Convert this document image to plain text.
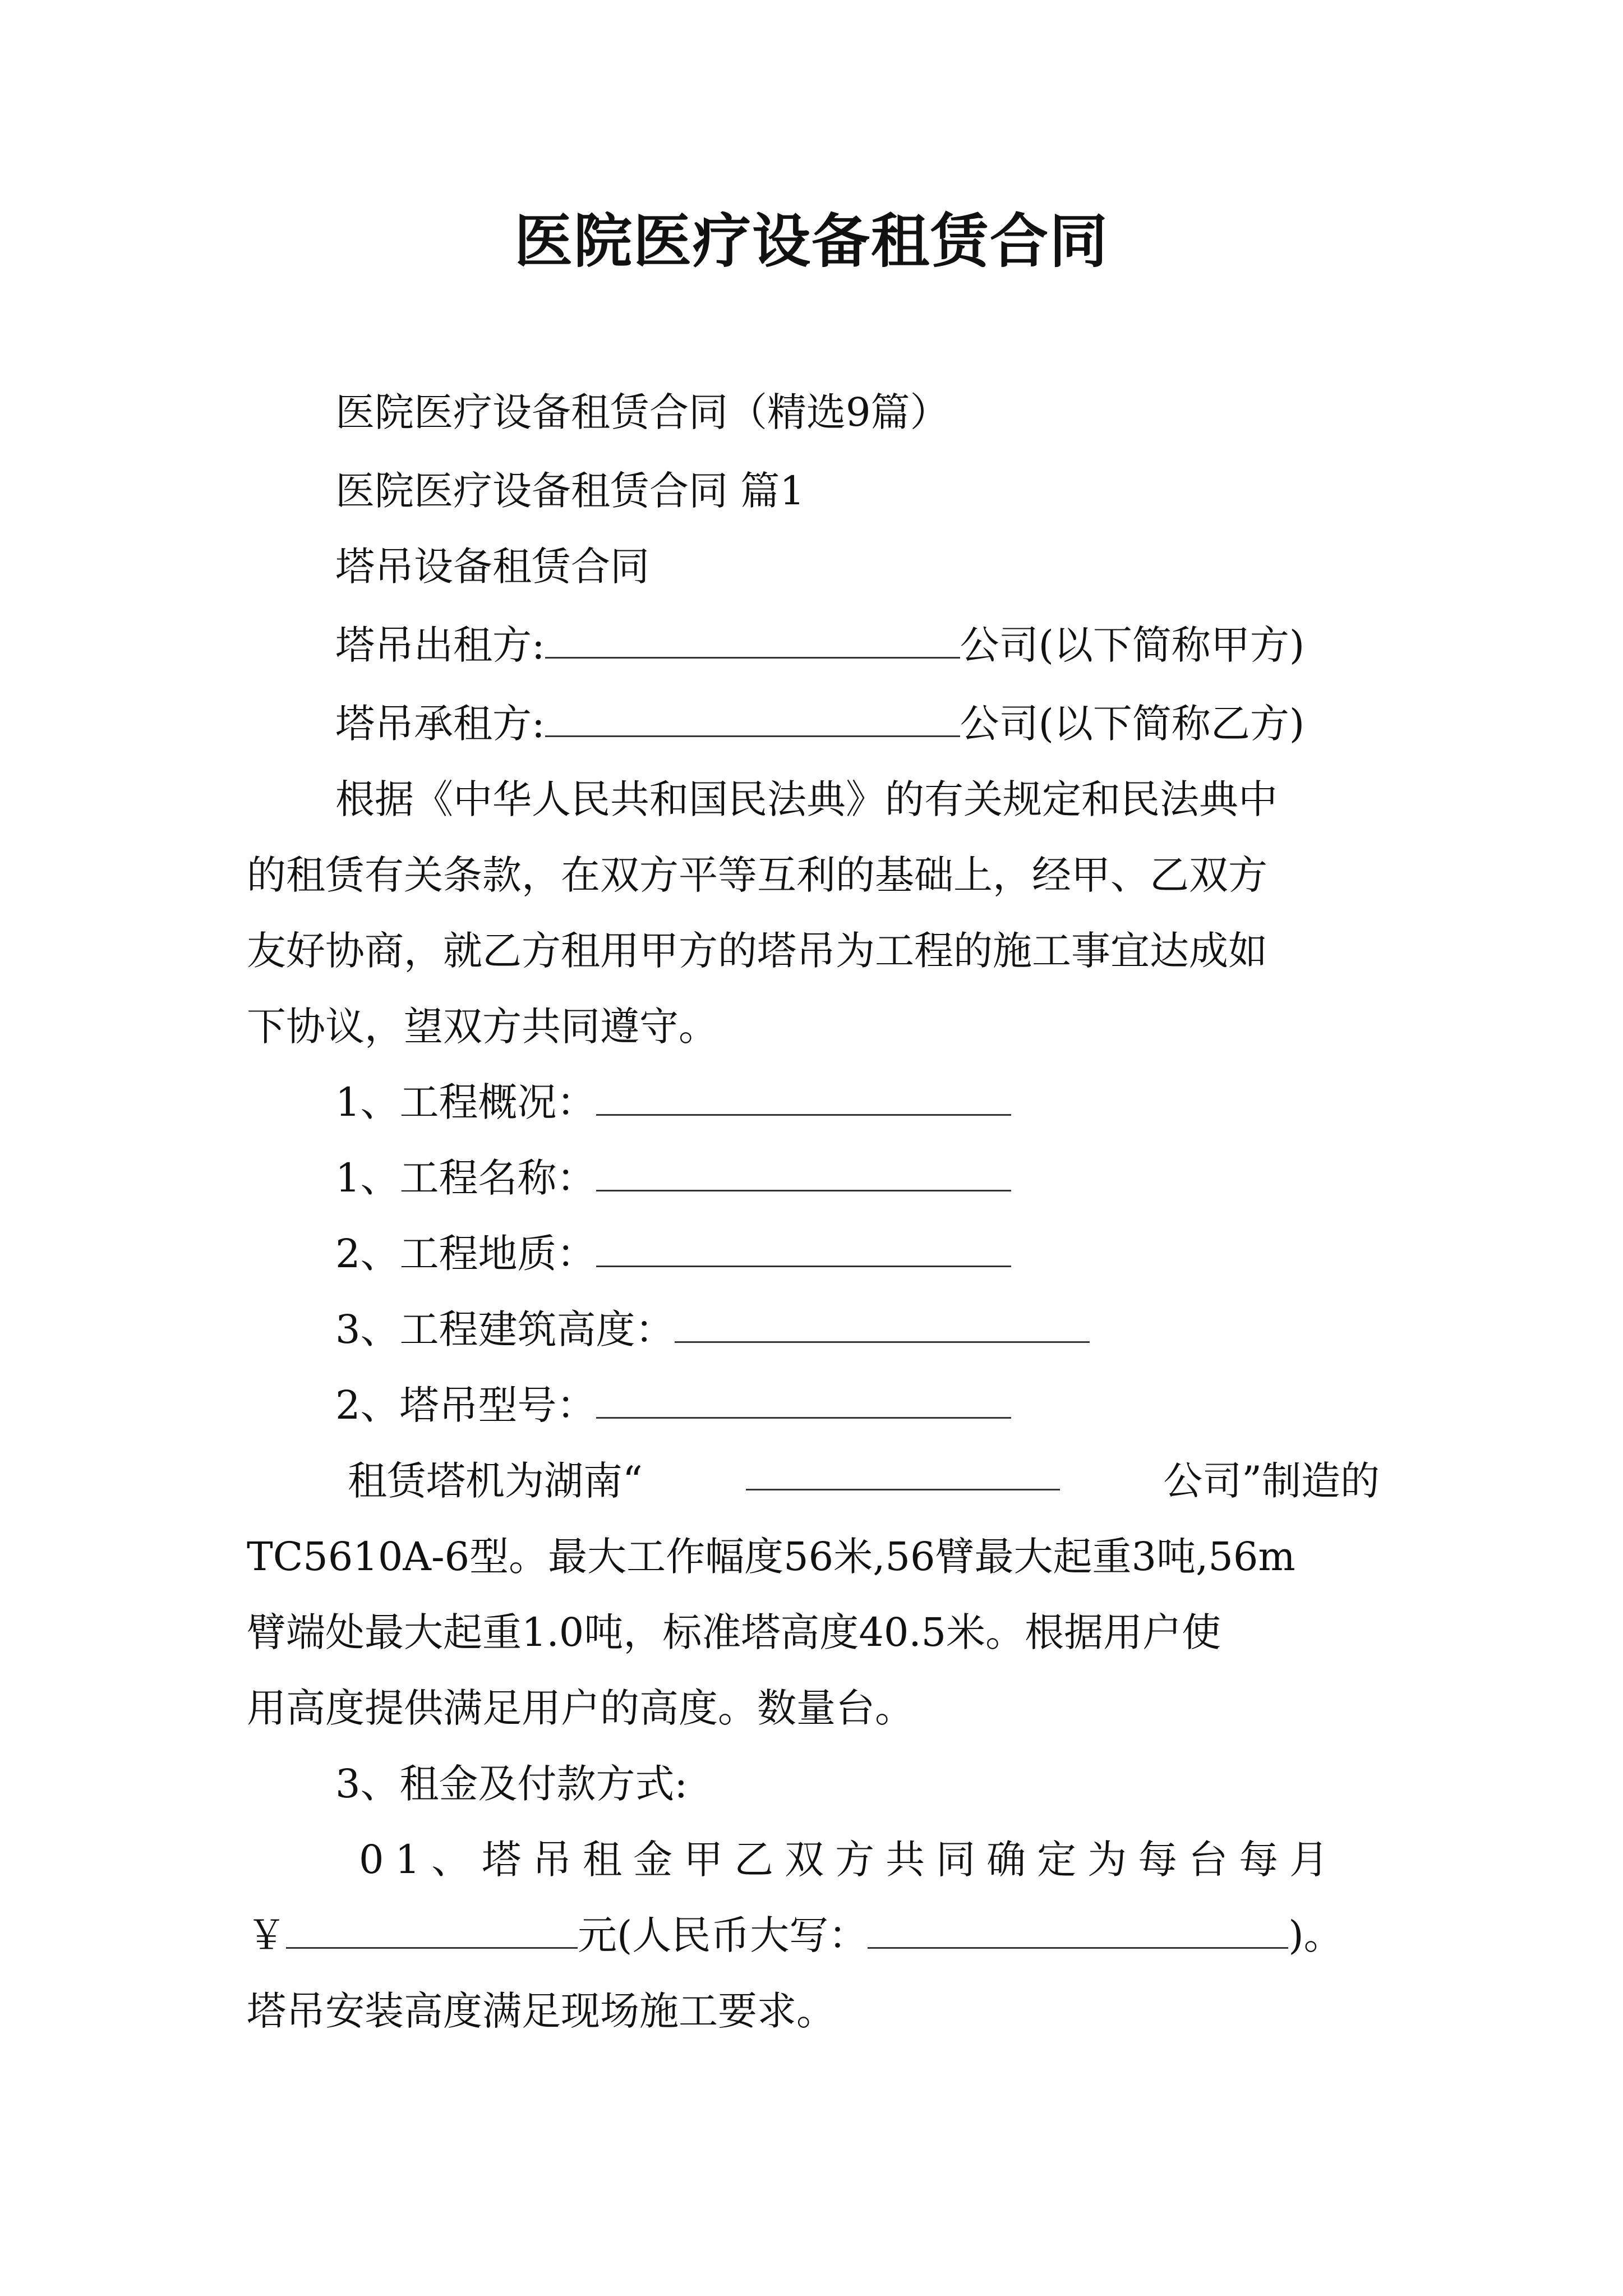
医院医疗设备租赁合同
医院医疗设备租赁合同（精选9篇）
医院医疗设备租赁合同 篇1
塔吊设备租赁合同
塔吊出租方:	公司(以下简称甲方)
塔吊承租方:	公司(以下简称乙方)
根据《中华人民共和国民法典》的有关规定和民法典中
的租赁有关条款，在双方平等互利的基础上，经甲、乙双方
友好协商，就乙方租用甲方的塔吊为工程的施工事宜达成如
下协议，望双方共同遵守。
1、工程概况：
1、工程名称：
2、工程地质：
3、工程建筑高度：
2、塔吊型号：
租赁塔机为湖南“	公司”制造的
TC5610A-6型。最大工作幅度56米,56臂最大起重3吨,56m
臂端处最大起重1.0吨，标准塔高度40.5米。根据用户使
用高度提供满足用户的高度。数量台。
3、租金及付款方式:
01、塔吊租金甲乙双方共同确定为每台每月
￥	元(人民币大写：	)。
塔吊安装高度满足现场施工要求。
